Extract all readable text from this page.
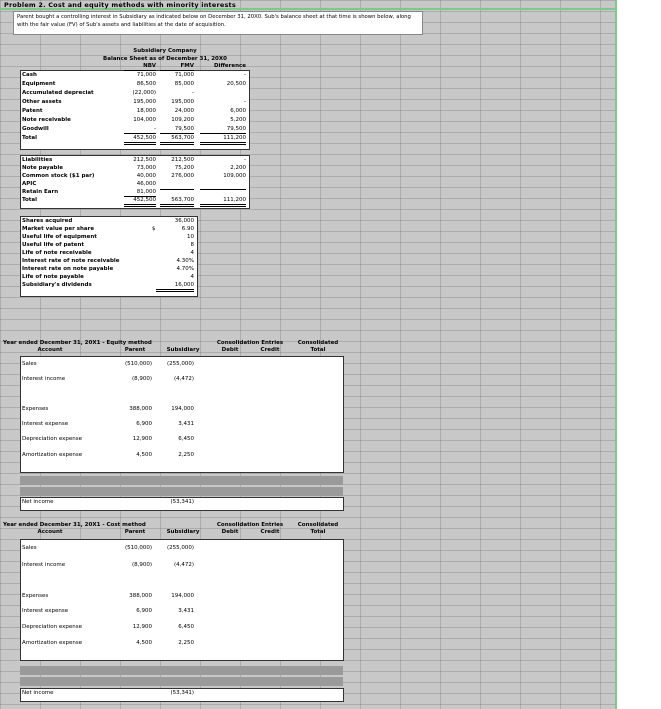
Problem 2. Cost and equity methods with minority interests
Parent bought a controlling interest in Subsidiary as indicated below on December 31, 20X0. Sub's balance sheet at that time is shown below, along with the fair value (FV) of Sub's assets and liabilities at the date of acquisition.
Subsidiary Company
Balance Sheet as of December 31, 20X0
NBV	FMV	Difference
Cash	71,000	71,000	-
Equipment	86,500	85,000	20,500
Accumulated depreciat	(22,000)	-
Other assets	195,000	195,000	-
Patent	18,000	24,000	6,000
Note receivable	104,000	109,200	5,200
Goodwill	-	79,500	79,500
Total	452,500	563,700	111,200
Liabilities	212,500	212,500	-
Note payable	73,000	75,200	2,200
Common stock ($1 par)	40,000	276,000	109,000
APIC	46,000
Retain Earn	81,000
Total	452,500	563,700	111,200
Shares acquired	36,000
Market value per share	$	6.90
Useful life of equipment	10
Useful life of patent	8
Life of note receivable	4
Interest rate of note receivable	4.30%
Interest rate on note payable	4.70%
Life of note payable	4
Subsidiary's dividends	16,000
Year ended December 31, 20X1 - Equity method
Account	Parent	Subsidiary
Consolidation Entries
Debit	Credit
Consolidated
Total
Sales	(510,000)	(255,000)
Interest income	(8,900)	(4,472)
Expenses	388,000	194,000
Interest expense	6,900	3,431
Depreciation expense	12,900	6,450
Amortization expense	4,500	2,250
Net income	(53,341)
Year ended December 31, 20X1 - Cost method
Account	Parent	Subsidiary
Consolidation Entries
Debit	Credit
Consolidated
Total
Sales	(510,000)	(255,000)
Interest income	(8,900)	(4,472)
Expenses	388,000	194,000
Interest expense	6,900	3,431
Depreciation expense	12,900	6,450
Amortization expense	4,500	2,250
Net income	(53,341)
